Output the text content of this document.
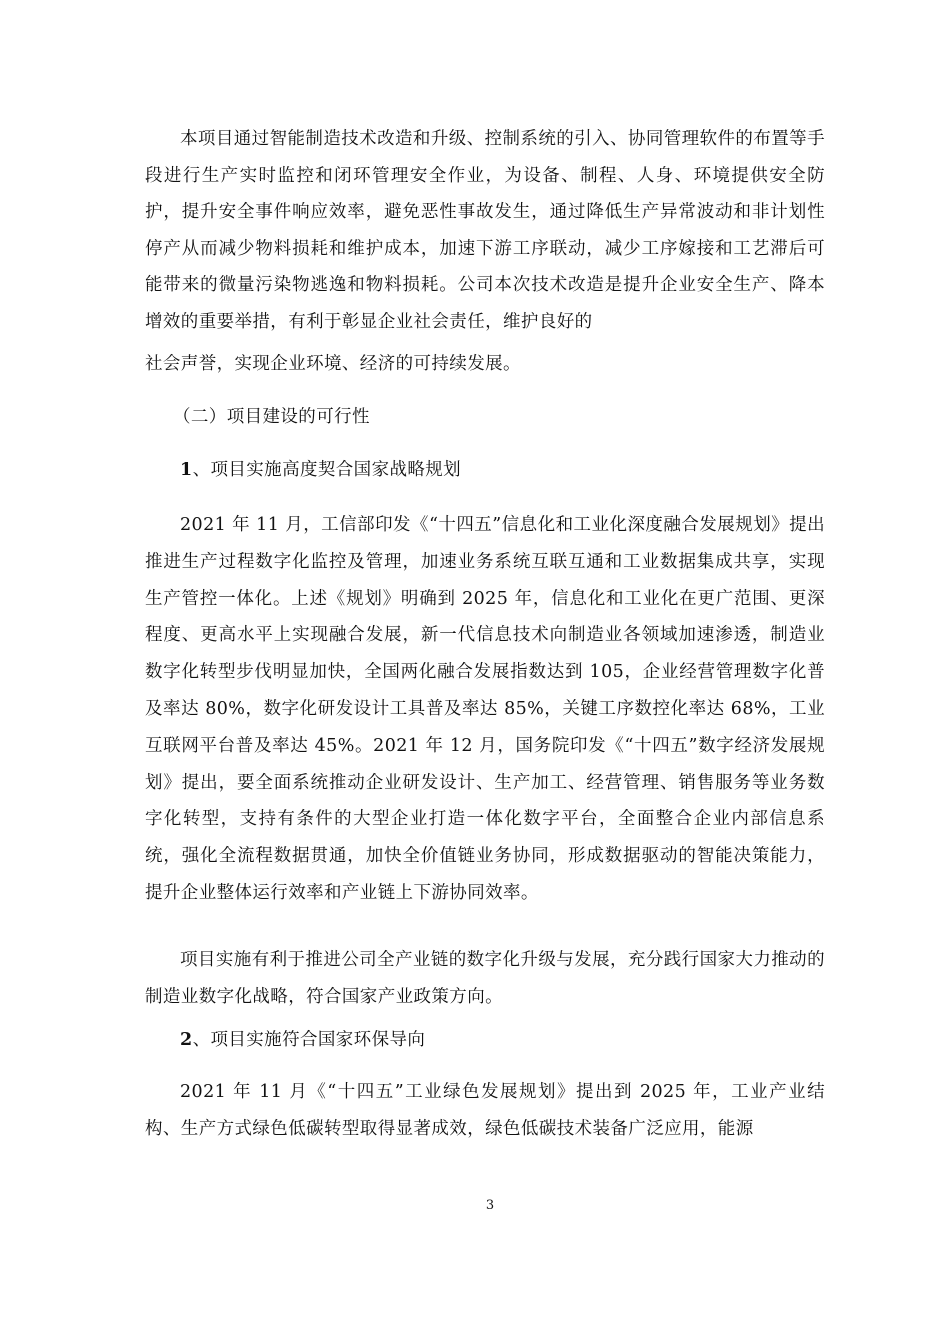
本项目通过智能制造技术改造和升级、控制系统的引入、协同管理软件的布置等手段进行生产实时监控和闭环管理安全作业，为设备、制程、人身、环境提供安全防护，提升安全事件响应效率，避免恶性事故发生，通过降低生产异常波动和非计划性停产从而减少物料损耗和维护成本，加速下游工序联动，减少工序嫁接和工艺滞后可能带来的微量污染物逃逸和物料损耗。公司本次技术改造是提升企业安全生产、降本增效的重要举措，有利于彰显企业社会责任，维护良好的
社会声誉，实现企业环境、经济的可持续发展。

（二）项目建设的可行性

1、项目实施高度契合国家战略规划

2021 年 11 月，工信部印发《“十四五”信息化和工业化深度融合发展规划》提出推进生产过程数字化监控及管理，加速业务系统互联互通和工业数据集成共享，实现生产管控一体化。上述《规划》明确到 2025 年，信息化和工业化在更广范围、更深程度、更高水平上实现融合发展，新一代信息技术向制造业各领域加速渗透，制造业数字化转型步伐明显加快，全国两化融合发展指数达到 105，企业经营管理数字化普及率达 80%，数字化研发设计工具普及率达 85%，关键工序数控化率达 68%，工业互联网平台普及率达 45%。2021 年 12 月，国务院印发《“十四五”数字经济发展规划》提出，要全面系统推动企业研发设计、生产加工、经营管理、销售服务等业务数字化转型，支持有条件的大型企业打造一体化数字平台，全面整合企业内部信息系统，强化全流程数据贯通，加快全价值链业务协同，形成数据驱动的智能决策能力，提升企业整体运行效率和产业链上下游协同效率。

项目实施有利于推进公司全产业链的数字化升级与发展，充分践行国家大力推动的制造业数字化战略，符合国家产业政策方向。

2、项目实施符合国家环保导向

2021 年 11 月《“十四五”工业绿色发展规划》提出到 2025 年，工业产业结构、生产方式绿色低碳转型取得显著成效，绿色低碳技术装备广泛应用，能源

3
